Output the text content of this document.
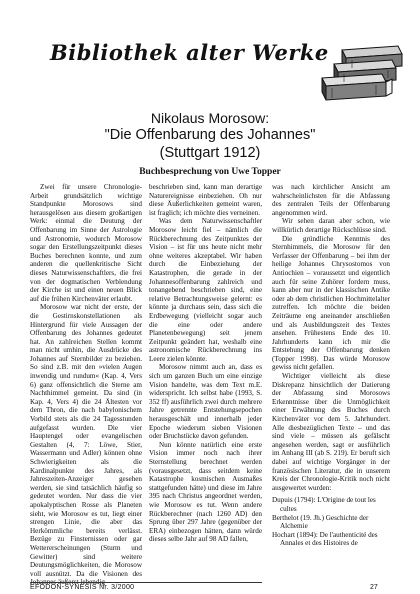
Bibliothek alter Werke
Nikolaus Morosow:
"Die Offenbarung des Johannes"
(Stuttgart 1912)
Buchbesprechung von Uwe Topper

Zwei für unsere Chronologie-Arbeit grundsätzlich wichtige Standpunkte Morosows sind herausgelösen aus diesem großartigen Werk: einmal die Deutung der Offenbarung im Sinne der Astrologie und Astronomie, wodurch Morosow sogar den Erstellungszeitpunkt dieses Buches berechnen konnte, und zum anderen die quellenkritische Sicht dieses Naturwissenschaftlers, die frei von der dogmatischen Verblendung der Kirche ist und einen neuen Blick auf die frühen Kirchenväter erlaubt.

Morosow war nicht der erste, der die Gestirnskonstellationen als Hintergrund für viele Aussagen der Offenbarung des Johannes gedeutet hat. An zahlreichen Stellen kommt man nicht umhin, die Ausdrücke des Johannes auf Sternbilder zu beziehen. So sind z.B. mit den »vielen Augen inwendig und rundum« (Kap. 4, Vers 6) ganz offensichtlich die Sterne am Nachthimmel gemeint. Da sind (in Kap. 4, Vers 4) die 24 Ältesten vor dem Thron, die nach babylonischem Vorbild stets als die 24 Tagesstunden aufgefasst wurden. Die vier Hauptengel oder evangelischen Gestalten (4, 7: Löwe, Stier, Wassermann und Adler) können ohne Schwierigkeiten als die Kardinalpunkte des Jahres, als Jahreszeiten-Anzeiger gesehen werden, sie sind tatsächlich häufig so gedeutet worden. Nur dass die vier apokalyptischen Rosse als Planeten sieht, wie Morosow es tut, liegt einer strengen Linie, die aber das Herkömmliche bereits verlässt. Bezüge zu Finsternissen oder gar Wettererscheinungen (Sturm und Gewitter) sind weitere Deutungsmöglichkeiten, die Morosow voll ausnützt. Da die Visionen des Johannes äußerst lebendig

beschrieben sind, kann man derartige Naturereignisse einbeziehen. Oh nur diese Äußerlichkeiten gemeint waren, ist fraglich; ich möchte dies verneinen.

Was dem Naturwissenschaftler Morosow leicht fiel – nämlich die Rückberechnung des Zeitpunktes der Vision – ist für uns heute nicht mehr ohne weiteres akzeptabel. Wir haben durch die Einbeziehung der Katastrophen, die gerade in der Johannesoffenbarung zahlreich und tonangebend beschrieben sind, eine relative Betrachtungsweise gelernt: es könnte ja durchaus sein, dass sich die Erdbewegung (vielleicht sogar auch die eine oder andere Planetenbewegung) seit jenem Zeitpunkt geändert hat, weshalb eine astronomische Rückberechnung ins Leere zielen könnte.

Morosow nimmt auch an, dass es sich um ganzen Buch um eine einzige Vision handelte, was dem Text m.E. widerspricht. Ich selbst habe (1993, S. 352 ff) ausführlich zwei durch mehrere Jahre getrennte Entstehungsepochen herausgeschält und innerhalb jeder Epoche wiederum sieben Visionen oder Bruchstücke davon gefunden.

Nun könnte natürlich eine erste Vision immer noch nach ihrer Sternstellung berechnet werden (vorausgesetzt, dass seitdem keine Katastrophe kosmischen Ausmaßes stattgefunden hätte) und diese im Jahre 395 nach Christus angeordnet werden, wie Morosow es tut. Wenn andere Rückberechner (nach 1260 AD) den Sprung über 297 Jahre (gegenüber der ERA) einbezogen hätten, dann würde dieses selbe Jahr auf 98 AD fallen,

was nach kirchlicher Ansicht am wahrscheinlichsten für die Abfassung des zentralen Teils der Offenbarung angenommen wird.

Wir sehen daran aber schon, wie willkürlich derartige Rückschlüsse sind.

Die gründliche Kenntnis des Sternhimmels, die Morosow für den Verfasser der Offenbarung – bei ihm der heilige Johannes Chrysostomos von Antiochien – voraussetzt und eigentlich auch für seine Zuhörer fordern muss, kann aber nur in der klassischen Antike oder ab dem christlichen Hochmittelalter zutreffen. Ich möchte die beiden Zeiträume eng aneinander anschließen und als Ausbildungszeit des Textes ansehen. Frühestens Ende des 10. Jahrhunderts kann ich mir die Entstehung der Offenbarung denken (Topper 1998). Das würde Morosow gewiss nicht gefallen.

Wichtiger vielleicht als diese Diskrepanz hinsichtlich der Datierung der Abfassung sind Morosows Erkenntnisse über die Unmöglichkeit einer Erwähnung des Buches durch Kirchenväter vor dem 5. Jahrhundert. Alle diesbezüglichen Texte – und das sind viele – müssen als gefälscht angesehen werden, sagt er ausführlich im Anhang III (ab S. 219). Er beruft sich dabei auf wichtige Vorgänger in der französischen Literatur, die in unserem Kreis der Chronologie-Kritik noch nicht ausgewertet wurden:

Dupuis (1794): L'Origine de tout les cultes

Berthelot (19. Jh.) Geschichte der Alchemie

Hochart (1894): De l'authenticité des Annales et des Histoires de

EFODON-SYNESIS Nr. 3/2000	27
